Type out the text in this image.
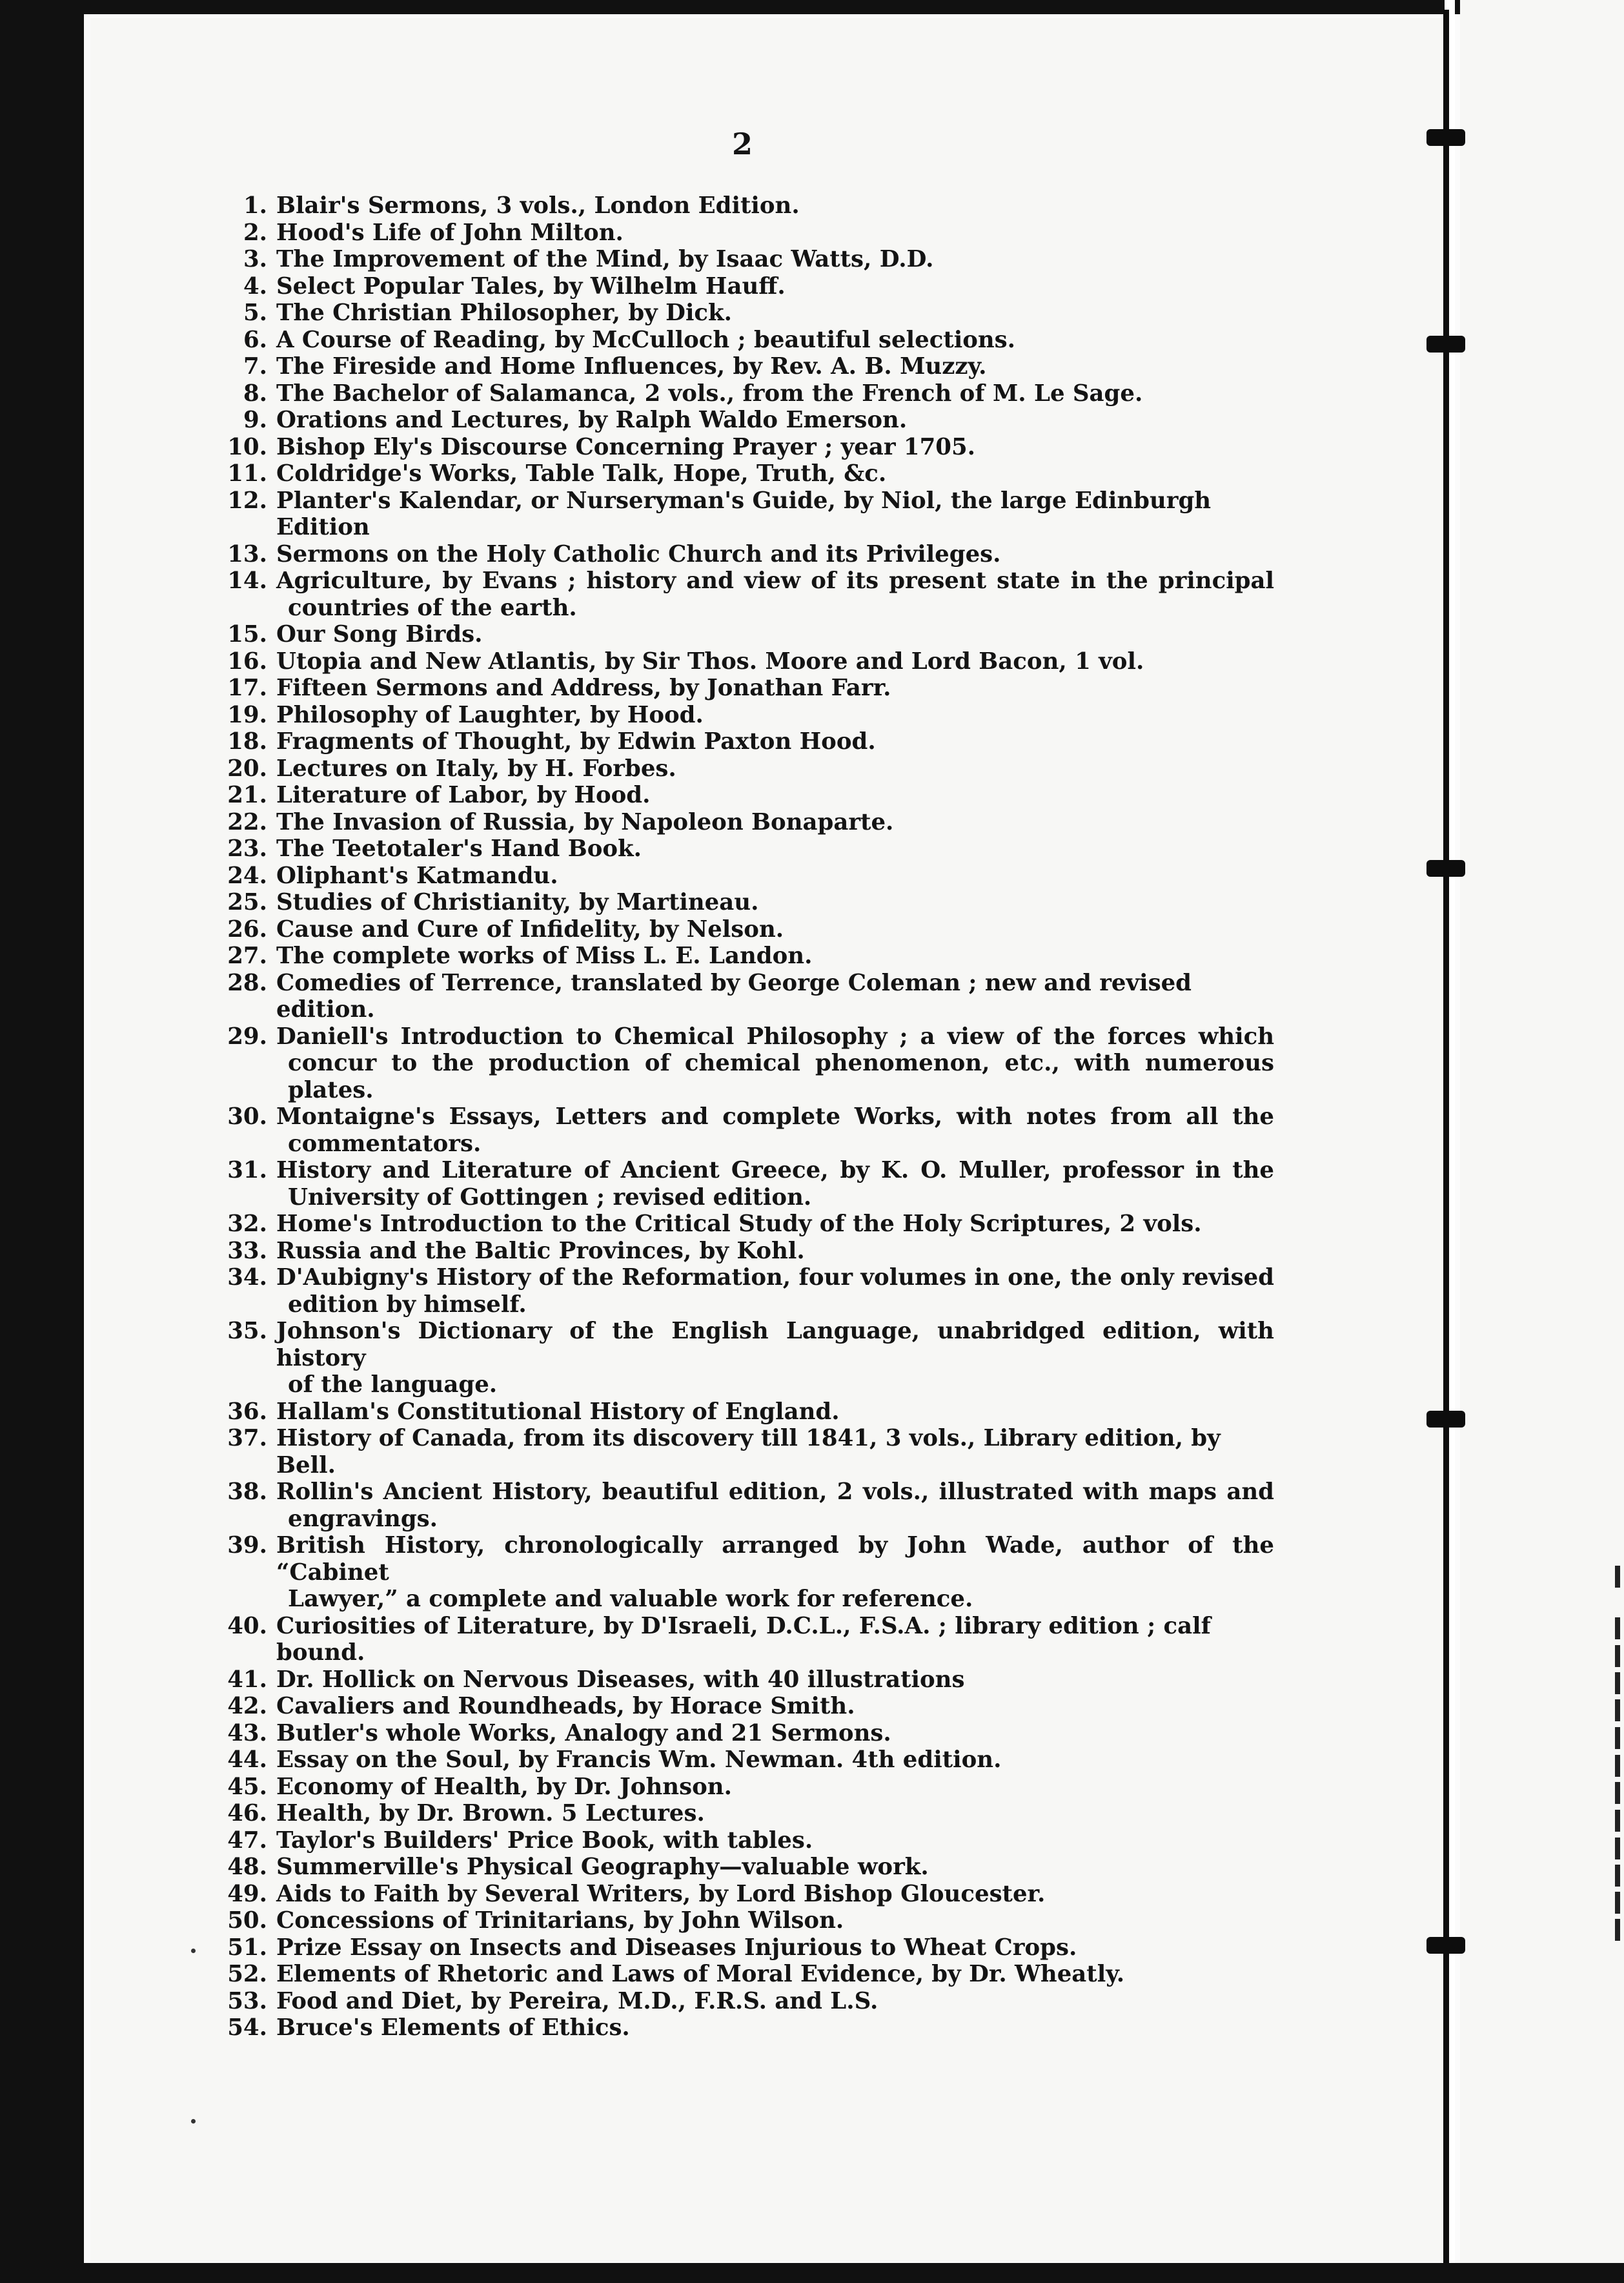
2
1. Blair's Sermons, 3 vols., London Edition.
2. Hood's Life of John Milton.
3. The Improvement of the Mind, by Isaac Watts, D.D.
4. Select Popular Tales, by Wilhelm Hauff.
5. The Christian Philosopher, by Dick.
6. A Course of Reading, by McCulloch ; beautiful selections.
7. The Fireside and Home Influences, by Rev. A. B. Muzzy.
8. The Bachelor of Salamanca, 2 vols., from the French of M. Le Sage.
9. Orations and Lectures, by Ralph Waldo Emerson.
10. Bishop Ely's Discourse Concerning Prayer ; year 1705.
11. Coldridge's Works, Table Talk, Hope, Truth, &c.
12. Planter's Kalendar, or Nurseryman's Guide, by Niol, the large Edinburgh Edition
13. Sermons on the Holy Catholic Church and its Privileges.
14. Agriculture, by Evans ; history and view of its present state in the principal
countries of the earth.
15. Our Song Birds.
16. Utopia and New Atlantis, by Sir Thos. Moore and Lord Bacon, 1 vol.
17. Fifteen Sermons and Address, by Jonathan Farr.
19. Philosophy of Laughter, by Hood.
18. Fragments of Thought, by Edwin Paxton Hood.
20. Lectures on Italy, by H. Forbes.
21. Literature of Labor, by Hood.
22. The Invasion of Russia, by Napoleon Bonaparte.
23. The Teetotaler's Hand Book.
24. Oliphant's Katmandu.
25. Studies of Christianity, by Martineau.
26. Cause and Cure of Infidelity, by Nelson.
27. The complete works of Miss L. E. Landon.
28. Comedies of Terrence, translated by George Coleman ; new and revised edition.
29. Daniell's Introduction to Chemical Philosophy ; a view of the forces which
concur to the production of chemical phenomenon, etc., with numerous
plates.
30. Montaigne's Essays, Letters and complete Works, with notes from all the
commentators.
31. History and Literature of Ancient Greece, by K. O. Muller, professor in the
University of Gottingen ; revised edition.
32. Home's Introduction to the Critical Study of the Holy Scriptures, 2 vols.
33. Russia and the Baltic Provinces, by Kohl.
34. D'Aubigny's History of the Reformation, four volumes in one, the only revised
edition by himself.
35. Johnson's Dictionary of the English Language, unabridged edition, with history
of the language.
36. Hallam's Constitutional History of England.
37. History of Canada, from its discovery till 1841, 3 vols., Library edition, by Bell.
38. Rollin's Ancient History, beautiful edition, 2 vols., illustrated with maps and
engravings.
39. British History, chronologically arranged by John Wade, author of the “Cabinet
Lawyer,” a complete and valuable work for reference.
40. Curiosities of Literature, by D'Israeli, D.C.L., F.S.A. ; library edition ; calf bound.
41. Dr. Hollick on Nervous Diseases, with 40 illustrations
42. Cavaliers and Roundheads, by Horace Smith.
43. Butler's whole Works, Analogy and 21 Sermons.
44. Essay on the Soul, by Francis Wm. Newman. 4th edition.
45. Economy of Health, by Dr. Johnson.
46. Health, by Dr. Brown. 5 Lectures.
47. Taylor's Builders' Price Book, with tables.
48. Summerville's Physical Geography—valuable work.
49. Aids to Faith by Several Writers, by Lord Bishop Gloucester.
50. Concessions of Trinitarians, by John Wilson.
51. Prize Essay on Insects and Diseases Injurious to Wheat Crops.
52. Elements of Rhetoric and Laws of Moral Evidence, by Dr. Wheatly.
53. Food and Diet, by Pereira, M.D., F.R.S. and L.S.
54. Bruce's Elements of Ethics.
